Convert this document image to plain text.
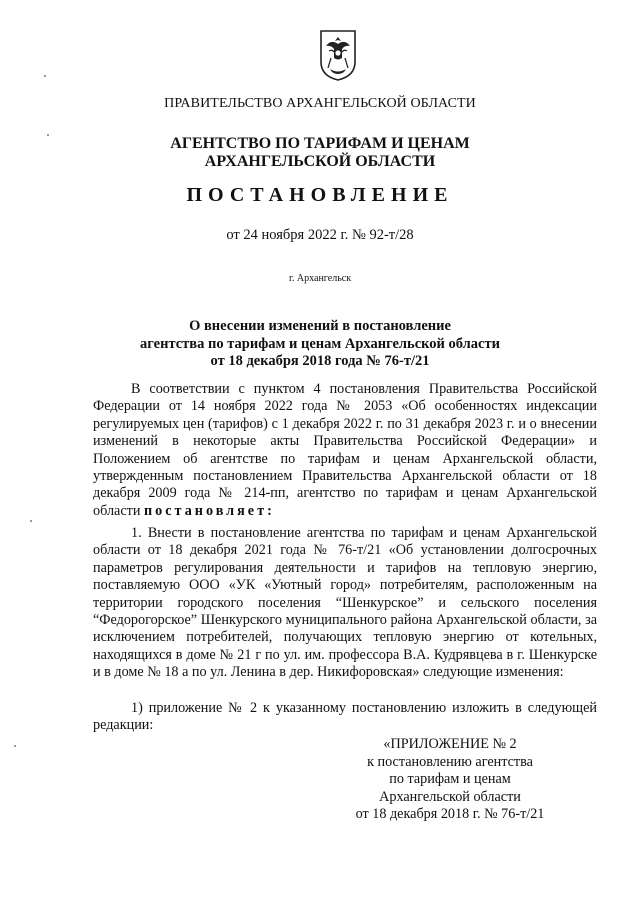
ПРАВИТЕЛЬСТВО АРХАНГЕЛЬСКОЙ ОБЛАСТИ
АГЕНТСТВО ПО ТАРИФАМ И ЦЕНАМ
АРХАНГЕЛЬСКОЙ ОБЛАСТИ
ПОСТАНОВЛЕНИЕ
от 24 ноября 2022 г. № 92-т/28
г. Архангельск
О внесении изменений в постановление
агентства по тарифам и ценам Архангельской области
от 18 декабря 2018 года № 76-т/21

В соответствии с пунктом 4 постановления Правительства Российской Федерации от 14 ноября 2022 года № 2053 «Об особенностях индексации регулируемых цен (тарифов) с 1 декабря 2022 г. по 31 декабря 2023 г. и о внесении изменений в некоторые акты Правительства Российской Федерации» и Положением об агентстве по тарифам и ценам Архангельской области, утвержденным постановлением Правительства Архангельской области от 18 декабря 2009 года № 214-пп, агентство по тарифам и ценам Архангельской области постановляет:

1. Внести в постановление агентства по тарифам и ценам Архангельской области от 18 декабря 2021 года № 76-т/21 «Об установлении долгосрочных параметров регулирования деятельности и тарифов на тепловую энергию, поставляемую ООО «УК «Уютный город» потребителям, расположенным на территории городского поселения “Шенкурское” и сельского поселения “Федорогорское” Шенкурского муниципального района Архангельской области, за исключением потребителей, получающих тепловую энергию от котельных, находящихся в доме № 21 г по ул. им. профессора В.А. Кудрявцева в г. Шенкурске и в доме № 18 а по ул. Ленина в дер. Никифоровская» следующие изменения:

1) приложение № 2 к указанному постановлению изложить в следующей редакции:

«ПРИЛОЖЕНИЕ № 2
к постановлению агентства
по тарифам и ценам
Архангельской области
от 18 декабря 2018 г. № 76-т/21
